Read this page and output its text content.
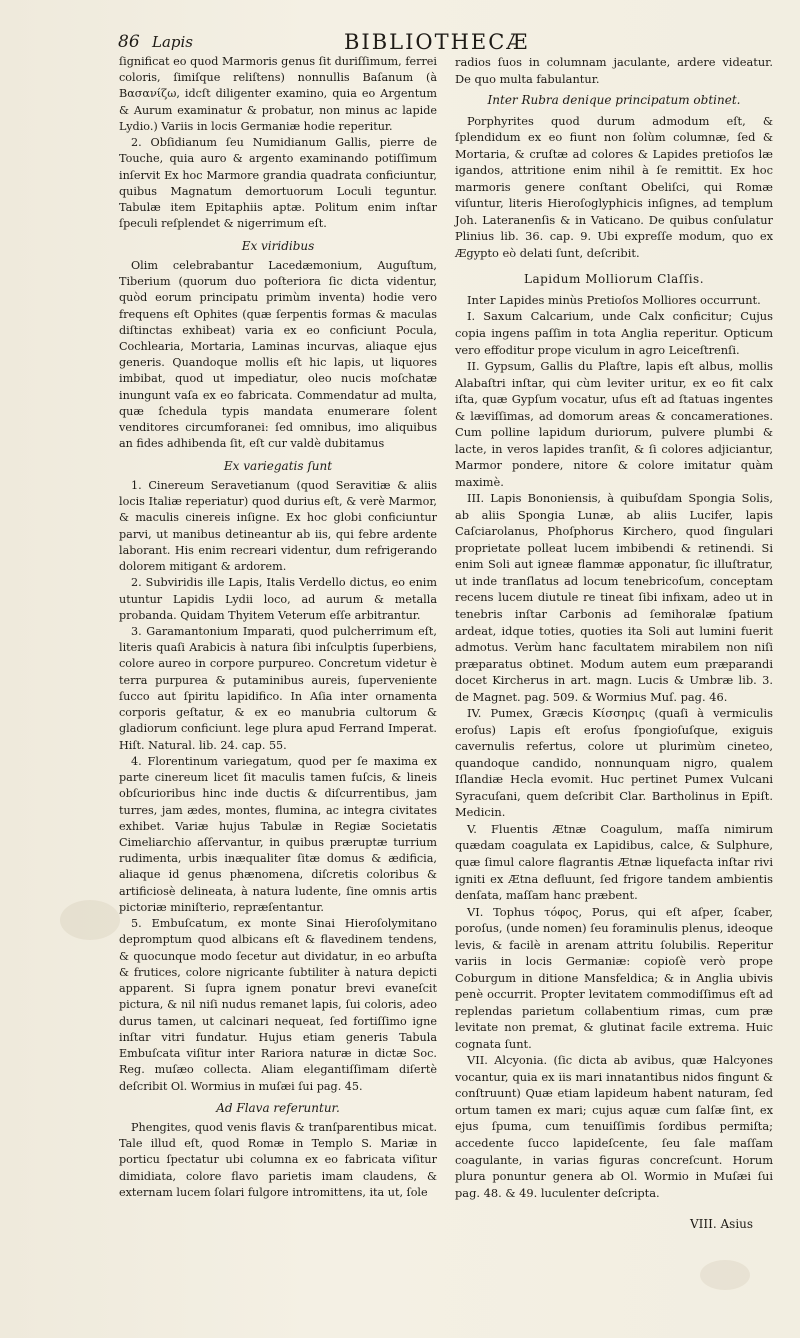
86 Lapis	BIBLIOTHECÆ

ſignificat eo quod Marmoris genus ſit duriſſimum, ferrei coloris, ſimiſque reliſtens) nonnullis Baſanum (à Βασανίζω, idcſt diligenter examino, quia eo Argentum & Aurum examinatur & probatur, non minus ac lapide Lydio.) Variis in locis Germaniæ hodie reperitur.

2. Obſidianum ſeu Numidianum Gallis, pierre de Touche, quia auro & argento examinando potiſſimum inſervit Ex hoc Marmore grandia quadrata conficiuntur, quibus Magnatum demortuorum Loculi teguntur. Tabulæ item Epitaphiis aptæ. Politum enim inſtar ſpeculi reſplendet & nigerrimum eſt.

Ex viridibus

Olim celebrabantur Lacedæmonium, Auguſtum, Tiberium (quorum duo poſteriora ſic dicta videntur, quòd eorum principatu primùm inventa) hodie vero frequens eſt Ophites (quæ ſerpentis formas & maculas diſtinctas exhibeat) varia ex eo conficiunt Pocula, Cochlearia, Mortaria, Laminas incurvas, aliaque ejus generis. Quandoque mollis eſt hic lapis, ut liquores imbibat, quod ut impediatur, oleo nucis moſchatæ inungunt vaſa ex eo fabricata. Commendatur ad multa, quæ ſchedula typis mandata enumerare ſolent venditores circumforanei: ſed omnibus, imo aliquibus an fides adhibenda ſit, eſt cur valdè dubitamus

Ex variegatis ſunt

1. Cinereum Seravetianum (quod Seravitiæ & aliis locis Italiæ reperiatur) quod durius eſt, & verè Marmor, & maculis cinereis inſigne. Ex hoc globi conficiuntur parvi, ut manibus detineantur ab iis, qui febre ardente laborant. His enim recreari videntur, dum refrigerando dolorem mitigant & ardorem.

2. Subviridis ille Lapis, Italis Verdello dictus, eo enim utuntur Lapidis Lydii loco, ad aurum & metalla probanda. Quidam Thyitem Veterum eſſe arbitrantur.

3. Garamantonium Imparati, quod pulcherrimum eſt, literis quaſi Arabicis à natura ſibi inſculptis ſuperbiens, colore aureo in corpore purpureo. Concretum videtur è terra purpurea & putaminibus aureis, ſuperveniente ſucco aut ſpiritu lapidifico. In Aſia inter ornamenta corporis geſtatur, & ex eo manubria cultorum & gladiorum conficiunt. lege plura apud Ferrand Imperat. Hiſt. Natural. lib. 24. cap. 55.

4. Florentinum variegatum, quod per ſe maxima ex parte cinereum licet ſit maculis tamen fuſcis, & lineis obſcurioribus hinc inde ductis & diſcurrentibus, jam turres, jam ædes, montes, flumina, ac integra civitates exhibet. Variæ hujus Tabulæ in Regiæ Societatis Cimeliarchio aſſervantur, in quibus præruptæ turrium rudimenta, urbis inæqualiter ſitæ domus & ædificia, aliaque id genus phænomena, diſcretis coloribus & artificiosè delineata, à natura ludente, ſine omnis artis pictoriæ miniſterio, repræſentantur.

5. Embuſcatum, ex monte Sinai Hieroſolymitano depromptum quod albicans eſt & flavedinem tendens, & quocunque modo ſecetur aut dividatur, in eo arbuſta & frutices, colore nigricante ſubtiliter à natura depicti apparent. Si ſupra ignem ponatur brevi evaneſcit pictura, & nil niſi nudus remanet lapis, ſui coloris, adeo durus tamen, ut calcinari nequeat, ſed fortiſſimo igne inſtar vitri fundatur. Hujus etiam generis Tabula Embuſcata viſitur inter Rariora naturæ in dictæ Soc. Reg. muſæo collecta. Aliam elegantiſſimam diſertè deſcribit Ol. Wormius in muſæi ſui pag. 45.

Ad Flava referuntur.

Phengites, quod venis flavis & tranſparentibus micat. Tale illud eſt, quod Romæ in Templo S. Mariæ in porticu ſpectatur ubi columna ex eo fabricata viſitur dimidiata, colore flavo parietis imam claudens, & externam lucem ſolari fulgore intromittens, ita ut, ſole

radios ſuos in columnam jaculante, ardere videatur. De quo multa fabulantur.

Inter Rubra denique principatum obtinet.

Porphyrites quod durum admodum eſt, & ſplendidum ex eo fiunt non ſolùm columnæ, ſed & Mortaria, & cruſtæ ad colores & Lapides pretioſos læ igandos, attritione enim nihil à ſe remittit. Ex hoc marmoris genere conſtant Obeliſci, qui Romæ viſuntur, literis Hieroſoglyphicis inſignes, ad templum Joh. Lateranenſis & in Vaticano. De quibus conſulatur Plinius lib. 36. cap. 9. Ubi expreſſe modum, quo ex Ægypto eò delati ſunt, deſcribit.

Lapidum Molliorum Claſſis.

Inter Lapides minùs Pretioſos Molliores occurrunt.

I. Saxum Calcarium, unde Calx conficitur; Cujus copia ingens paſſim in tota Anglia reperitur. Opticum vero effoditur prope viculum in agro Leiceſtrenſi.

II. Gypsum, Gallis du Plaſtre, lapis eſt albus, mollis Alabaſtri inſtar, qui cùm leviter uritur, ex eo fit calx iſta, quæ Gypſum vocatur, uſus eſt ad ſtatuas ingentes & læviſſimas, ad domorum areas & concamerationes. Cum polline lapidum duriorum, pulvere plumbi & lacte, in veros lapides tranſit, & ſi colores adjiciantur, Marmor pondere, nitore & colore imitatur quàm maximè.

III. Lapis Bononiensis, à quibuſdam Spongia Solis, ab aliis Spongia Lunæ, ab aliis Lucifer, lapis Caſciarolanus, Phoſphorus Kirchero, quod ſingulari proprietate polleat lucem imbibendi & retinendi. Si enim Soli aut igneæ flammæ apponatur, ſic illuſtratur, ut inde tranſlatus ad locum tenebricoſum, conceptam recens lucem diutule re tineat ſibi infixam, adeo ut in tenebris inſtar Carbonis ad ſemihoralæ ſpatium ardeat, idque toties, quoties ita Soli aut lumini fuerit admotus. Verùm hanc facultatem mirabilem non niſi præparatus obtinet. Modum autem eum præparandi docet Kircherus in art. magn. Lucis & Umbræ lib. 3. de Magnet. pag. 509. & Wormius Muſ. pag. 46.

IV. Pumex, Græcis Κίσσηρις (quaſi à vermiculis eroſus) Lapis eſt eroſus ſpongioſuſque, exiguis cavernulis refertus, colore ut plurimùm cineteo, quandoque candido, nonnunquam nigro, qualem Iſlandiæ Hecla evomit. Huc pertinet Pumex Vulcani Syracuſani, quem deſcribit Clar. Bartholinus in Epiſt. Medicin.

V. Fluentis Ætnæ Coagulum, maſſa nimirum quædam coagulata ex Lapidibus, calce, & Sulphure, quæ ſimul calore flagrantis Ætnæ liquefacta inſtar rivi igniti ex Ætna defluunt, ſed frigore tandem ambientis denſata, maſſam hanc præbent.

VI. Tophus τόφος, Porus, qui eſt aſper, ſcaber, poroſus, (unde nomen) ſeu foraminulis plenus, ideoque levis, & facilè in arenam attritu ſolubilis. Reperitur variis in locis Germaniæ: copioſè verò prope Coburgum in ditione Mansfeldica; & in Anglia ubivis penè occurrit. Propter levitatem commodiſſimus eſt ad replendas parietum collabentium rimas, cum præ levitate non premat, & glutinat facile extrema. Huic cognata ſunt.

VII. Alcyonia. (ſic dicta ab avibus, quæ Halcyones vocantur, quia ex iis mari innatantibus nidos fingunt & conſtruunt) Quæ etiam lapideum habent naturam, ſed ortum tamen ex mari; cujus aquæ cum ſalſæ ſint, ex ejus ſpuma, cum tenuiſſimis ſordibus permiſta; accedente ſucco lapideſcente, ſeu ſale maſſam coagulante, in varias figuras concreſcunt. Horum plura ponuntur genera ab Ol. Wormio in Muſæi ſui pag. 48. & 49. luculenter deſcripta.

VIII. Asius
